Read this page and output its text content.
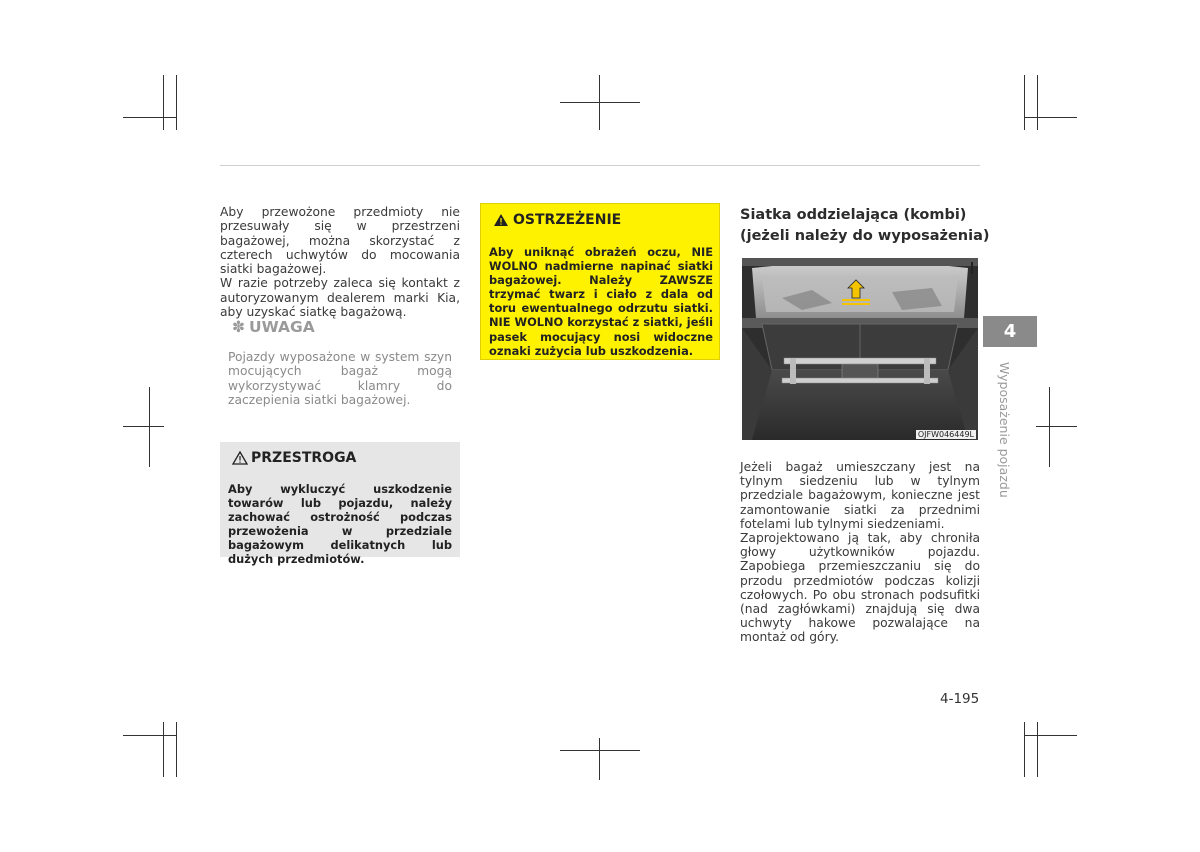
Aby przewożone przedmioty nie przesuwały się w przestrzeni bagażowej, można skorzystać z czterech uchwytów do mocowania siatki bagażowej.

W razie potrzeby zaleca się kontakt z autoryzowanym dealerem marki Kia, aby uzyskać siatkę bagażową.

✽ UWAGA
Pojazdy wyposażone w system szyn mocujących bagaż mogą wykorzystywać klamry do zaczepienia siatki bagażowej.
PRZESTROGA
Aby wykluczyć uszkodzenie towarów lub pojazdu, należy zachować ostrożność podczas przewożenia w przedziale bagażowym delikatnych lub dużych przedmiotów.
OSTRZEŻENIE
Aby uniknąć obrażeń oczu, NIE WOLNO nadmierne napinać siatki bagażowej. Należy ZAWSZE trzymać twarz i ciało z dala od toru ewentualnego odrzutu siatki. NIE WOLNO korzystać z siatki, jeśli pasek mocujący nosi widoczne oznaki zużycia lub uszkodzenia.
Siatka oddzielająca (kombi)
(jeżeli należy do wyposażenia)
OJFW046449L

Jeżeli bagaż umieszczany jest na tylnym siedzeniu lub w tylnym przedziale bagażowym, konieczne jest zamontowanie siatki za przednimi fotelami lub tylnymi siedzeniami.

Zaprojektowano ją tak, aby chroniła głowy użytkowników pojazdu. Zapobiega przemieszczaniu się do przodu przedmiotów podczas kolizji czołowych. Po obu stronach podsufitki (nad zagłówkami) znajdują się dwa uchwyty hakowe pozwalające na montaż od góry.

4
Wyposażenie pojazdu
4-195
